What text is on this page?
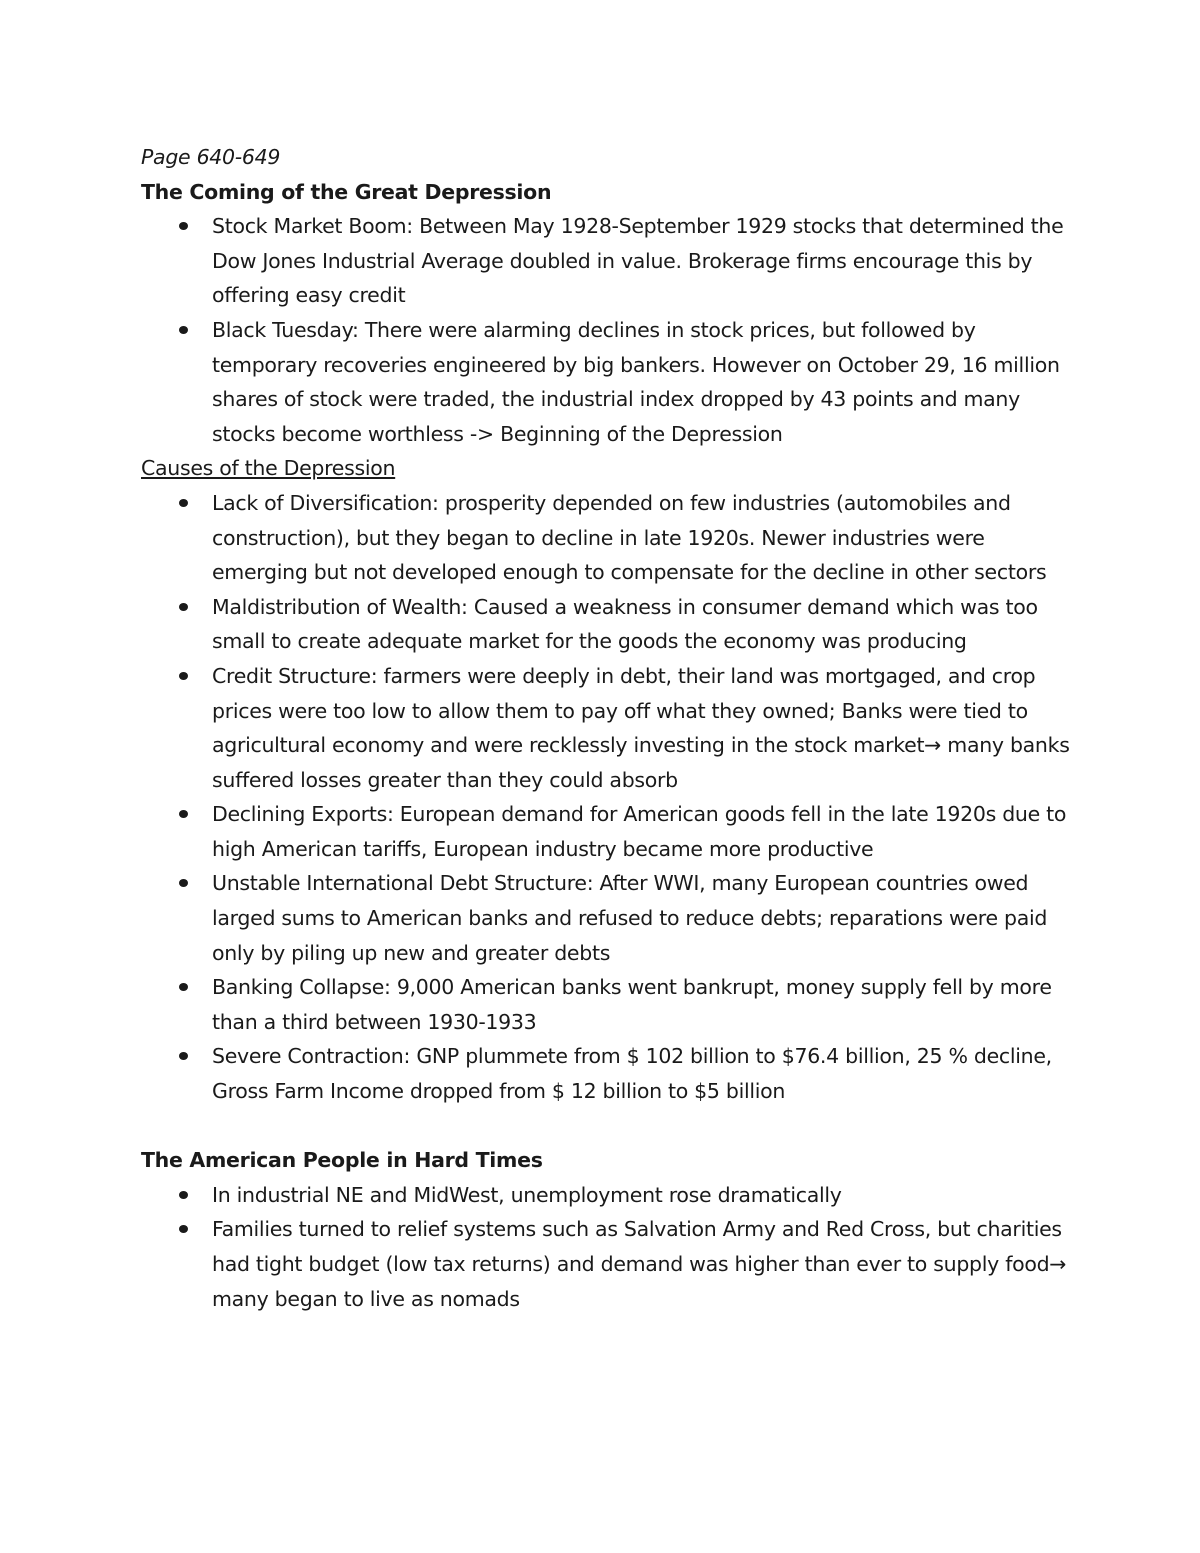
Page 640-649
The Coming of the Great Depression
Stock Market Boom: Between May 1928-September 1929 stocks that determined the Dow Jones Industrial Average doubled in value. Brokerage firms encourage this by offering easy credit
Black Tuesday: There were alarming declines in stock prices, but followed by temporary recoveries engineered by big bankers. However on October 29, 16 million shares of stock were traded, the industrial index dropped by 43 points and many stocks become worthless -> Beginning of the Depression
Causes of the Depression
Lack of Diversification: prosperity depended on few industries (automobiles and construction), but they began to decline in late 1920s. Newer industries were emerging but not developed enough to compensate for the decline in other sectors
Maldistribution of Wealth: Caused a weakness in consumer demand which was too small to create adequate market for the goods the economy was producing
Credit Structure: farmers were deeply in debt, their land was mortgaged, and crop prices were too low to allow them to pay off what they owned; Banks were tied to agricultural economy and were recklessly investing in the stock market→ many banks suffered losses greater than they could absorb
Declining Exports: European demand for American goods fell in the late 1920s due to high American tariffs, European industry became more productive
Unstable International Debt Structure: After WWI, many European countries owed larged sums to American banks and refused to reduce debts; reparations were paid only by piling up new and greater debts
Banking Collapse: 9,000 American banks went bankrupt, money supply fell by more than a third between 1930-1933
Severe Contraction: GNP plummete from $ 102 billion to $76.4 billion, 25 % decline, Gross Farm Income dropped from $ 12 billion to $5 billion
The American People in Hard Times
In industrial NE and MidWest, unemployment rose dramatically
Families turned to relief systems such as Salvation Army and Red Cross, but charities had tight budget (low tax returns) and demand was higher than ever to supply food→ many began to live as nomads
